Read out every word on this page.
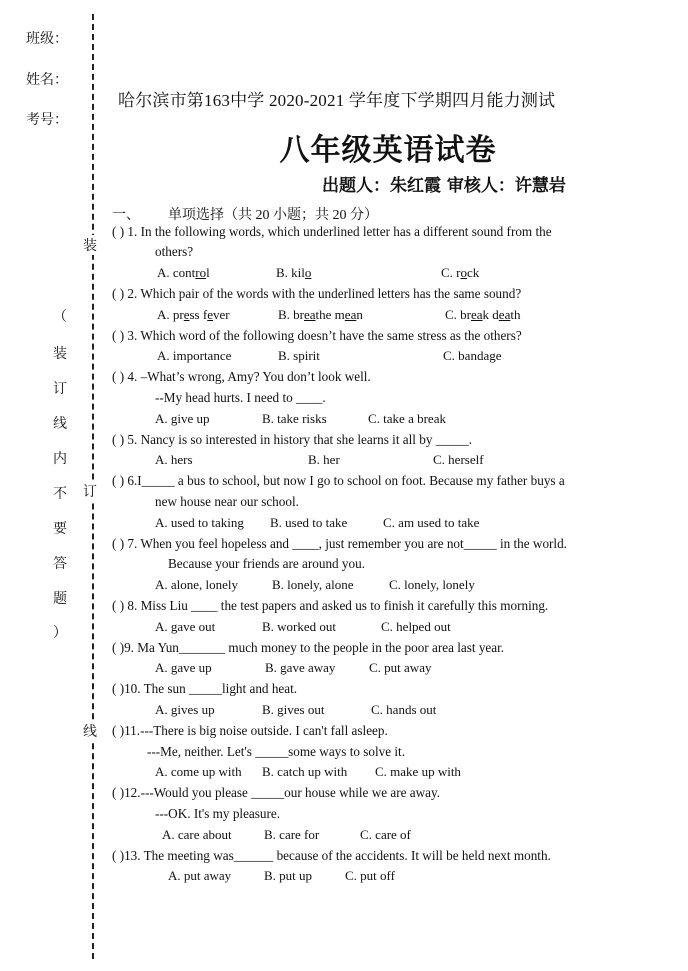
班级：
姓名：
考号：
（
装
订
线
内
不
要
答
题
）
装
订
线
哈尔滨市第163中学 2020-2021 学年度下学期四月能力测试
八年级英语试卷
出题人：朱红霞 审核人：许慧岩
一、 单项选择（共 20 小题；共 20 分）
( ) 1. In the following words, which underlined letter has a different sound from the
others?
A. control	B. kilo	C. rock
( ) 2. Which pair of the words with the underlined letters has the same sound?
A. press fever	B. breathe mean	C. break death
( ) 3. Which word of the following doesn’t have the same stress as the others?
A. importance	B. spirit	C. bandage
( ) 4. –What’s wrong, Amy? You don’t look well.
--My head hurts. I need to ____.
A. give up	B. take risks	C. take a break
( ) 5. Nancy is so interested in history that she learns it all by _____.
A. hers	B. her	C. herself
( ) 6.I_____ a bus to school, but now I go to school on foot. Because my father buys a
new house near our school.
A. used to taking B. used to take	C. am used to take
( ) 7. When you feel hopeless and ____, just remember you are not_____ in the world.
Because your friends are around you.
A. alone, lonely	B. lonely, alone	C. lonely, lonely
( ) 8. Miss Liu ____ the test papers and asked us to finish it carefully this morning.
A. gave out	B. worked out	C. helped out
( )9. Ma Yun_______ much money to the people in the poor area last year.
A. gave up	B. gave away	C. put away
( )10. The sun _____light and heat.
A. gives up	B. gives out	C. hands out
( )11.---There is big noise outside. I can't fall asleep.
---Me, neither. Let's _____some ways to solve it.
A. come up with B. catch up with C. make up with
( )12.---Would you please _____our house while we are away.
---OK. It's my pleasure.
A. care about B. care for	C. care of
( )13. The meeting was______ because of the accidents. It will be held next month.
A. put away	B. put up	C. put off
